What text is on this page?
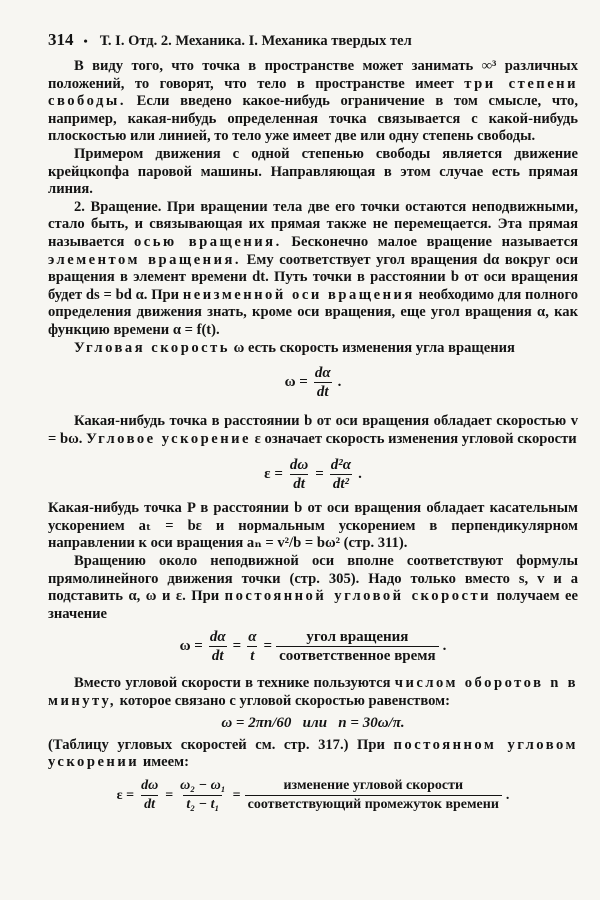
314 • Т. I. Отд. 2. Механика. I. Механика твердых тел

В виду того, что точка в пространстве может занимать ∞³ различных положений, то говорят, что тело в пространстве имеет три степени свободы. Если введено какое-нибудь ограничение в том смысле, что, например, какая-нибудь определенная точка связывается с какой-нибудь плоскостью или линией, то тело уже имеет две или одну степень свободы.

Примером движения с одной степенью свободы является движение крейцкопфа паровой машины. Направляющая в этом случае есть прямая линия.

2. Вращение. При вращении тела две его точки остаются неподвижными, стало быть, и связывающая их прямая также не перемещается. Эта прямая называется осью вращения. Бесконечно малое вращение называется элементом вращения. Ему соответствует угол вращения dα вокруг оси вращения в элемент времени dt. Путь точки в расстоянии b от оси вращения будет ds = bd α. При неизменной оси вращения необходимо для полного определения движения знать, кроме оси вращения, еще угол вращения α, как функцию времени α = f(t).

Угловая скорость ω есть скорость изменения угла вращения

$\omega = \frac{d\alpha}{dt}$ .

Какая-нибудь точка в расстоянии b от оси вращения обладает скоростью v = bω. Угловое ускорение ε означает скорость изменения угловой скорости

$\varepsilon = \frac{d\omega}{dt} = \frac{\text{d²α}}{\text{dt²}}$ .

Какая-нибудь точка P в расстоянии b от оси вращения обладает касательным ускорением aₜ = bε и нормальным ускорением в перпендикулярном направлении к оси вращения aₙ = v²/b = bω² (стр. 311).

Вращению около неподвижной оси вполне соответствуют формулы прямолинейного движения точки (стр. 305). Надо только вместо s, v и a подставить α, ω и ε. При постоянной угловой скорости получаем ее значение

$\omega = \frac{d\alpha}{dt} = \frac{\alpha}{t} = \frac{\text{угол вращения}}{\text{соответственное время}}$ .

Вместо угловой скорости в технике пользуются числом оборотов n в минуту, которое связано с угловой скоростью равенством:

ω = 2πn/60   или   n = 30ω/π.

(Таблицу угловых скоростей см. стр. 317.) При постоянном угловом ускорении имеем:

$\varepsilon = \frac{d\omega}{dt} = \frac{\text{ω₂ − ω₁}}{\text{t₂ − t₁}} = \frac{\text{изменение угловой скорости}}{\text{соответствующий промежуток времени}}$ .
